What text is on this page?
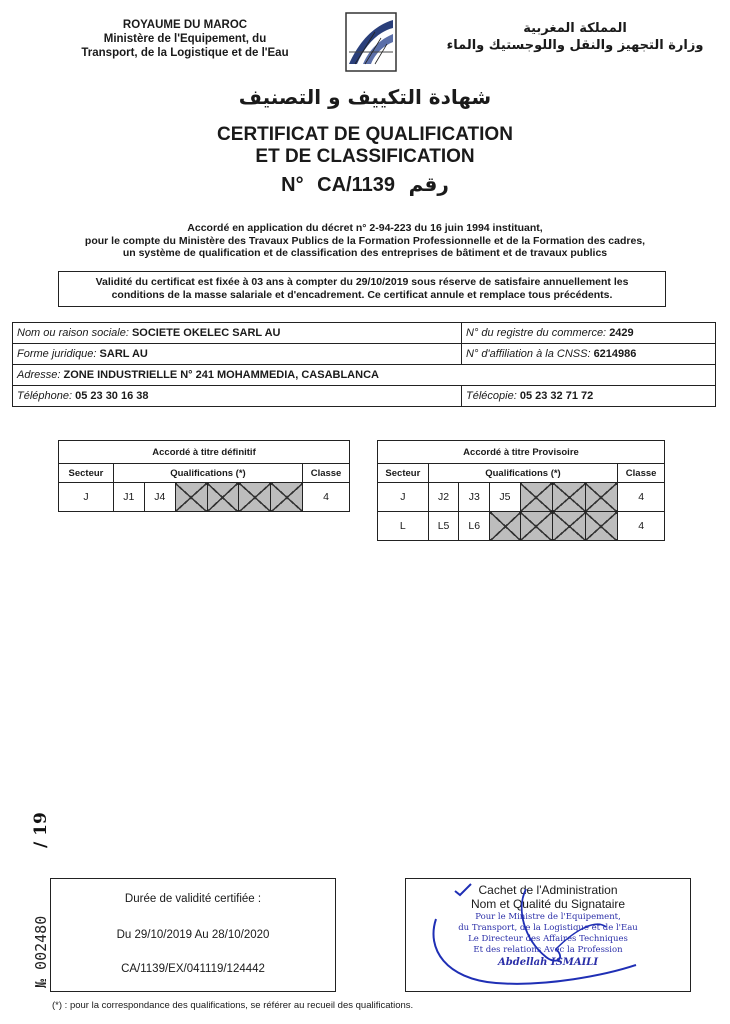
ROYAUME DU MAROC
Ministère de l'Equipement, du
Transport, de la Logistique et de l'Eau
المملكة المغربية
وزارة التجهيز والنقل واللوجستيك والماء
شهادة التكييف و التصنيف
CERTIFICAT DE QUALIFICATION
ET DE CLASSIFICATION
N° CA/1139 رقم
Accordé en application du décret n° 2-94-223 du 16 juin 1994 instituant,
pour le compte du Ministère des Travaux Publics de la Formation Professionnelle et de la Formation des cadres,
un système de qualification et de classification des entreprises de bâtiment et de travaux publics
Validité du certificat est fixée à 03 ans à compter du 29/10/2019 sous réserve de satisfaire annuellement les
conditions de la masse salariale et d'encadrement. Ce certificat annule et remplace tous précédents.
Nom ou raison sociale: SOCIETE OKELEC SARL AU	N° du registre du commerce: 2429
Forme juridique: SARL AU	N° d'affiliation à la CNSS: 6214986
Adresse: ZONE INDUSTRIELLE N° 241 MOHAMMEDIA, CASABLANCA	
Téléphone: 05 23 30 16 38	Télécopie: 05 23 32 71 72
Accordé à titre définitif							
Secteur	Qualifications (*)						Classe
J	J1	J4					4
Accordé à titre Provisoire							
Secteur	Qualifications (*)						Classe
J	J2	J3	J5				4
L	L5	L6					4
/ 19
№ 002480
Durée de validité certifiée :
Du 29/10/2019 Au 28/10/2020
CA/1139/EX/041119/124442
Cachet de l'Administration
Nom et Qualité du Signataire
Pour le Ministre de l'Equipement,
du Transport, de la Logistique et de l'Eau
Le Directeur des Affaires Techniques
Et des relations Avec la Profession
Abdellah ISMAILI
(*) : pour la correspondance des qualifications, se référer au recueil des qualifications.
